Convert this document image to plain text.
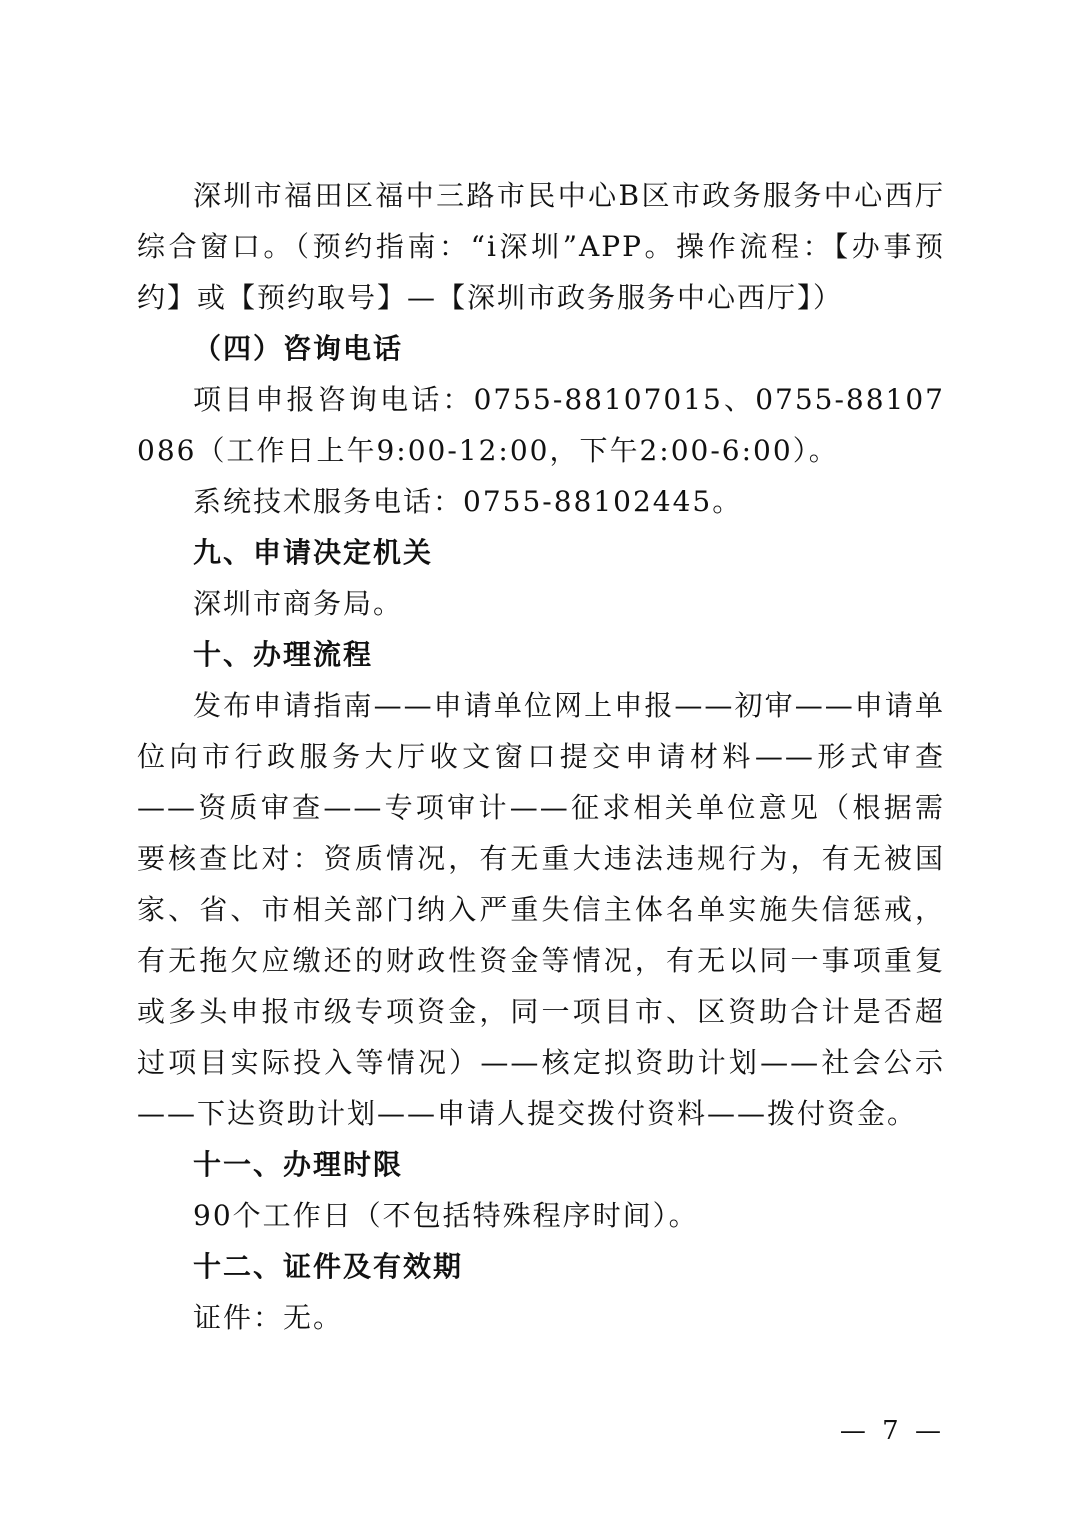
深圳市福田区福中三路市民中心B区市政务服务中心西厅综合窗口。（预约指南：“i深圳”APP。操作流程：【办事预约】或【预约取号】—【深圳市政务服务中心西厅】）

（四）咨询电话

项目申报咨询电话：0755-88107015、0755-88107086（工作日上午9:00-12:00，下午2:00-6:00）。

系统技术服务电话：0755-88102445。

九、申请决定机关

深圳市商务局。

十、办理流程

发布申请指南——申请单位网上申报——初审——申请单位向市行政服务大厅收文窗口提交申请材料——形式审查——资质审查——专项审计——征求相关单位意见（根据需要核查比对：资质情况，有无重大违法违规行为，有无被国家、省、市相关部门纳入严重失信主体名单实施失信惩戒，有无拖欠应缴还的财政性资金等情况，有无以同一事项重复或多头申报市级专项资金，同一项目市、区资助合计是否超过项目实际投入等情况）——核定拟资助计划——社会公示——下达资助计划——申请人提交拨付资料——拨付资金。

十一、办理时限

90个工作日（不包括特殊程序时间）。

十二、证件及有效期

证件：无。

— 7 —
